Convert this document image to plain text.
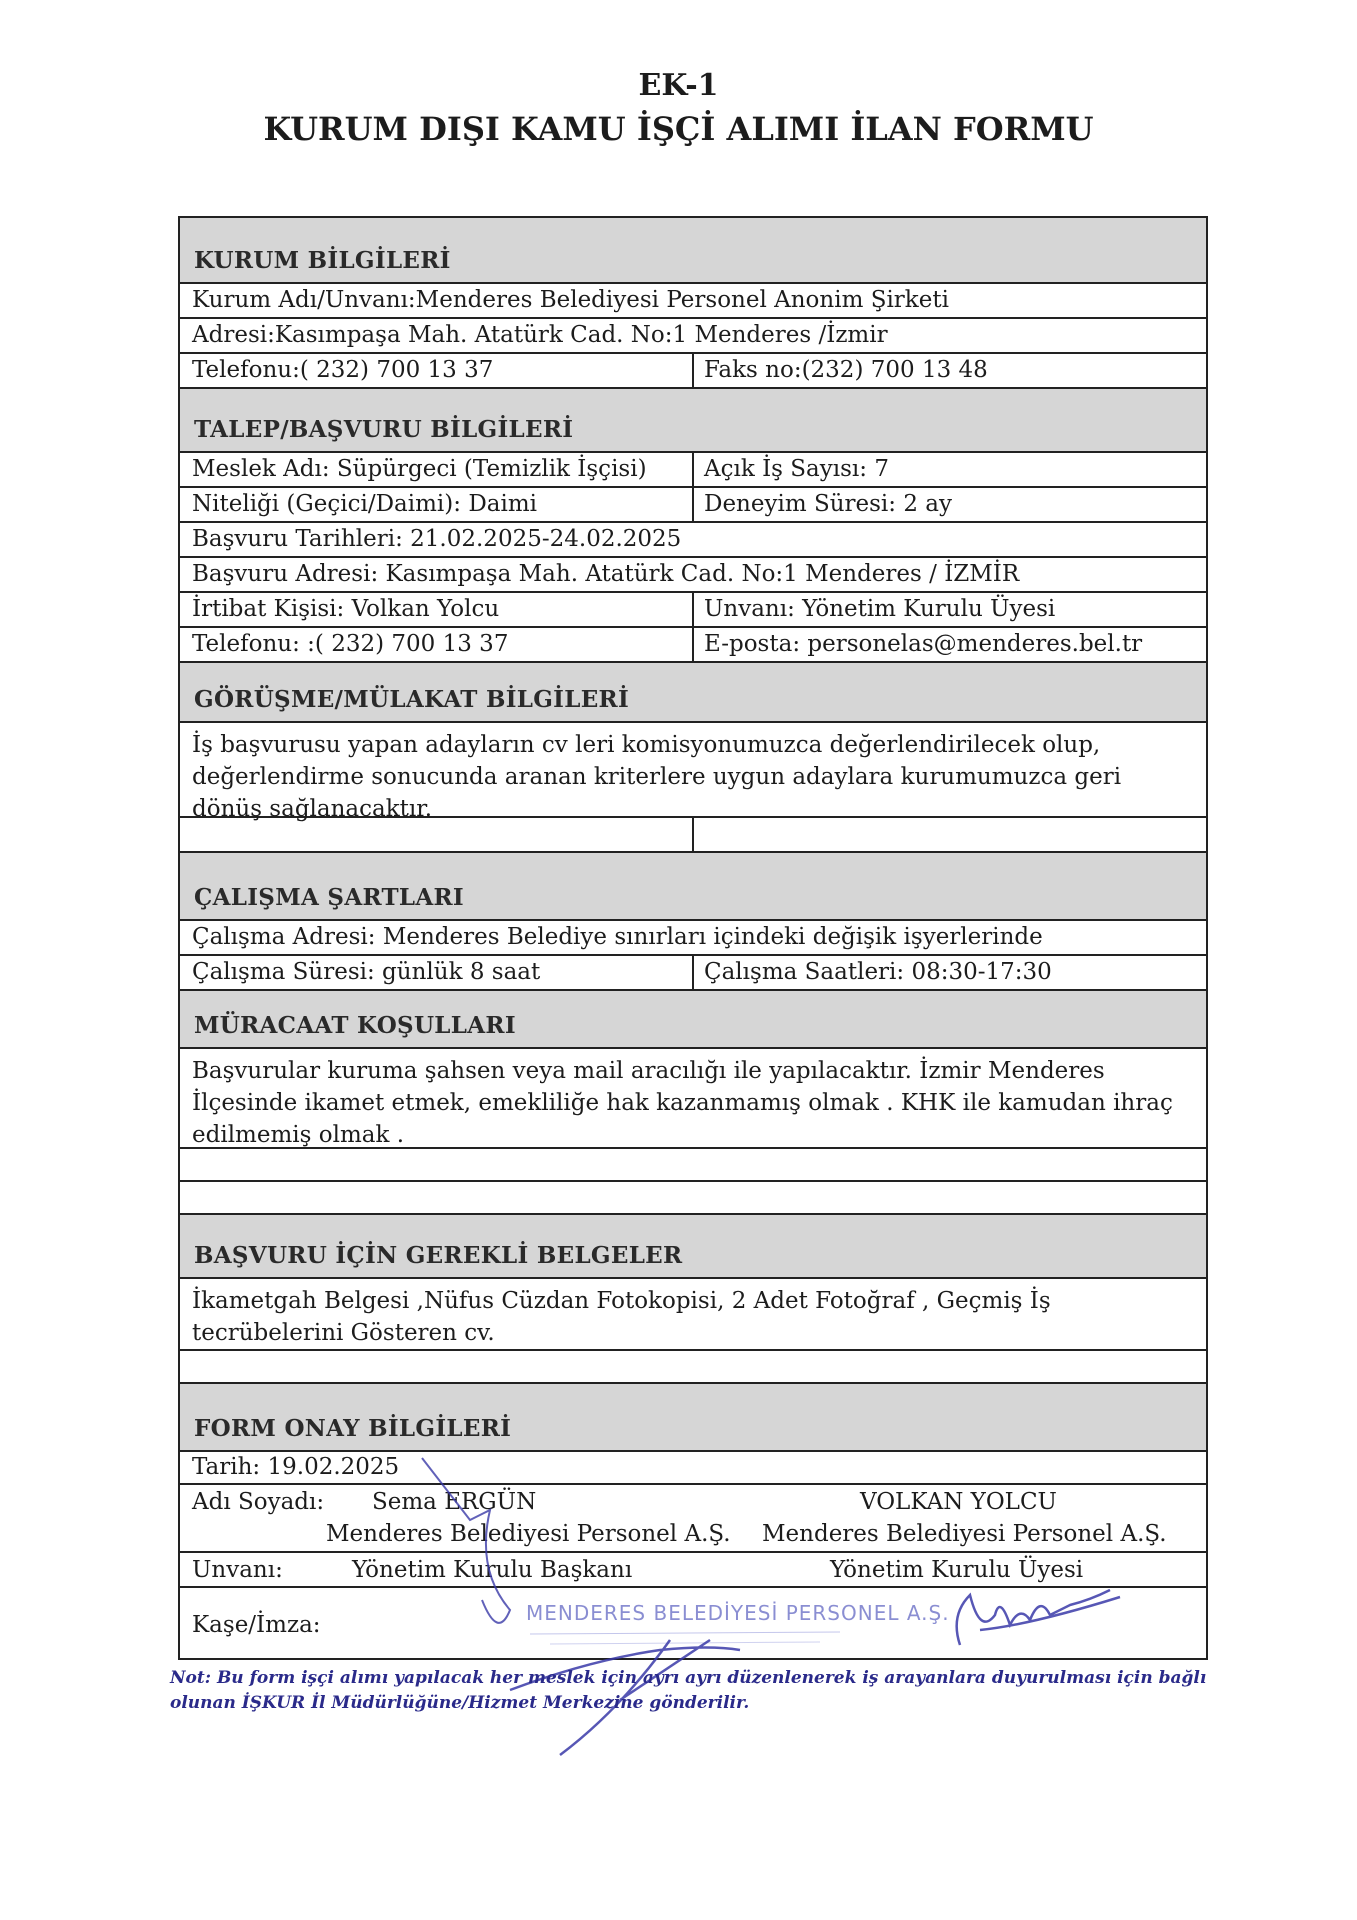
EK-1
KURUM DIŞI KAMU İŞÇİ ALIMI İLAN FORMU
KURUM BİLGİLERİ
Kurum Adı/Unvanı:Menderes Belediyesi Personel Anonim Şirketi
Adresi:Kasımpaşa Mah. Atatürk Cad. No:1 Menderes /İzmir
Telefonu:( 232) 700 13 37	Faks no:(232) 700 13 48
TALEP/BAŞVURU BİLGİLERİ
Meslek Adı: Süpürgeci (Temizlik İşçisi) Açık İş Sayısı: 7
Niteliği (Geçici/Daimi): Daimi	Deneyim Süresi: 2 ay
Başvuru Tarihleri: 21.02.2025-24.02.2025
Başvuru Adresi: Kasımpaşa Mah. Atatürk Cad. No:1 Menderes / İZMİR
İrtibat Kişisi: Volkan Yolcu	Unvanı: Yönetim Kurulu Üyesi
Telefonu: :( 232) 700 13 37	E-posta: personelas@menderes.bel.tr
GÖRÜŞME/MÜLAKAT BİLGİLERİ
İş başvurusu yapan adayların cv leri komisyonumuzca değerlendirilecek olup, değerlendirme sonucunda aranan kriterlere uygun adaylara kurumumuzca geri dönüş sağlanacaktır.
ÇALIŞMA ŞARTLARI
Çalışma Adresi: Menderes Belediye sınırları içindeki değişik işyerlerinde
Çalışma Süresi: günlük 8 saat	Çalışma Saatleri: 08:30-17:30
MÜRACAAT KOŞULLARI
Başvurular kuruma şahsen veya mail aracılığı ile yapılacaktır. İzmir Menderes İlçesinde ikamet etmek, emekliliğe hak kazanmamış olmak . KHK ile kamudan ihraç edilmemiş olmak .
BAŞVURU İÇİN GEREKLİ BELGELER
İkametgah Belgesi ,Nüfus Cüzdan Fotokopisi, 2 Adet Fotoğraf , Geçmiş İş tecrübelerini Gösteren cv.
FORM ONAY BİLGİLERİ
Tarih: 19.02.2025
Adı Soyadı: Sema ERGÜN	VOLKAN YOLCU
Menderes Belediyesi Personel A.Ş. Menderes Belediyesi Personel A.Ş.
Unvanı:	Yönetim Kurulu Başkanı	Yönetim Kurulu Üyesi
Kaşe/İmza:	MENDERES BELEDİYESİ PERSONEL A.Ş.
Not: Bu form işçi alımı yapılacak her meslek için ayrı ayrı düzenlenerek iş arayanlara duyurulması için bağlı olunan İŞKUR İl Müdürlüğüne/Hizmet Merkezine gönderilir.
